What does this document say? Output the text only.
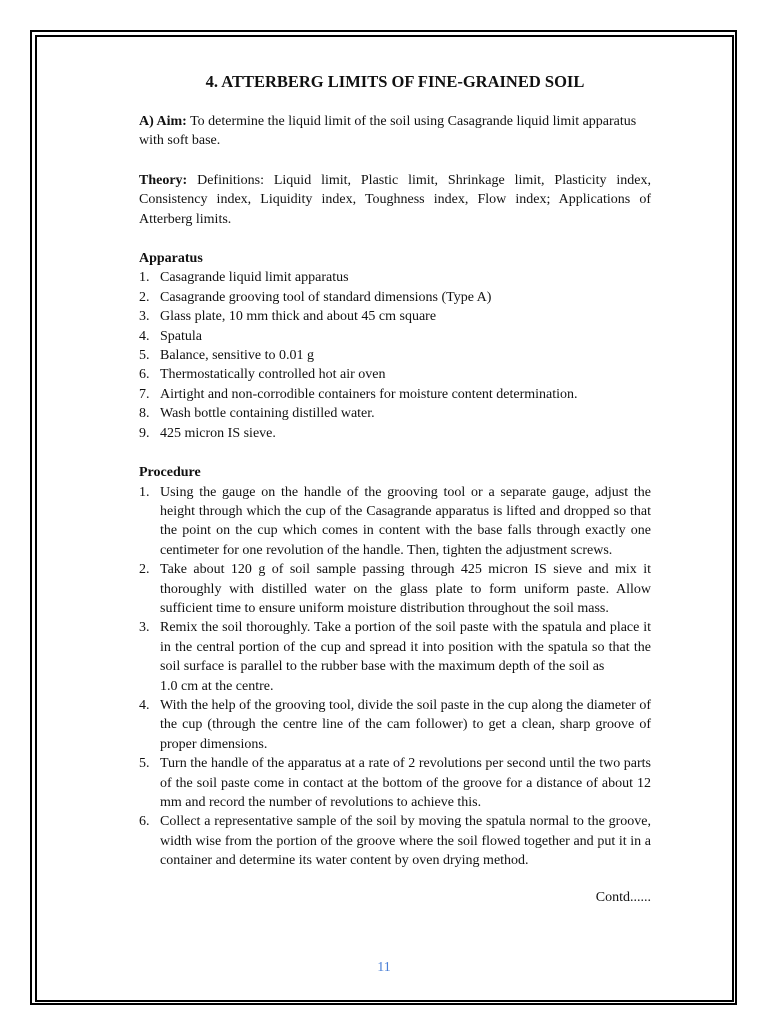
4. ATTERBERG LIMITS OF FINE-GRAINED SOIL

A) Aim: To determine the liquid limit of the soil using Casagrande liquid limit apparatus with soft base.

Theory: Definitions: Liquid limit, Plastic limit, Shrinkage limit, Plasticity index, Consistency index, Liquidity index, Toughness index, Flow index; Applications of Atterberg limits.

Apparatus
1. Casagrande liquid limit apparatus
2. Casagrande grooving tool of standard dimensions (Type A)
3. Glass plate, 10 mm thick and about 45 cm square
4. Spatula
5. Balance, sensitive to 0.01 g
6. Thermostatically controlled hot air oven
7. Airtight and non-corrodible containers for moisture content determination.
8. Wash bottle containing distilled water.
9. 425 micron IS sieve.
Procedure
1. Using the gauge on the handle of the grooving tool or a separate gauge, adjust the height through which the cup of the Casagrande apparatus is lifted and dropped so that the point on the cup which comes in content with the base falls through exactly one centimeter for one revolution of the handle. Then, tighten the adjustment screws.
2. Take about 120 g of soil sample passing through 425 micron IS sieve and mix it thoroughly with distilled water on the glass plate to form uniform paste. Allow sufficient time to ensure uniform moisture distribution throughout the soil mass.
3. Remix the soil thoroughly. Take a portion of the soil paste with the spatula and place it in the central portion of the cup and spread it into position with the spatula so that the soil surface is parallel to the rubber base with the maximum depth of the soil as
1.0 cm at the centre.
4. With the help of the grooving tool, divide the soil paste in the cup along the diameter of the cup (through the centre line of the cam follower) to get a clean, sharp groove of proper dimensions.
5. Turn the handle of the apparatus at a rate of 2 revolutions per second until the two parts of the soil paste come in contact at the bottom of the groove for a distance of about 12 mm and record the number of revolutions to achieve this.
6. Collect a representative sample of the soil by moving the spatula normal to the groove, width wise from the portion of the groove where the soil flowed together and put it in a container and determine its water content by oven drying method.
Contd......
11
